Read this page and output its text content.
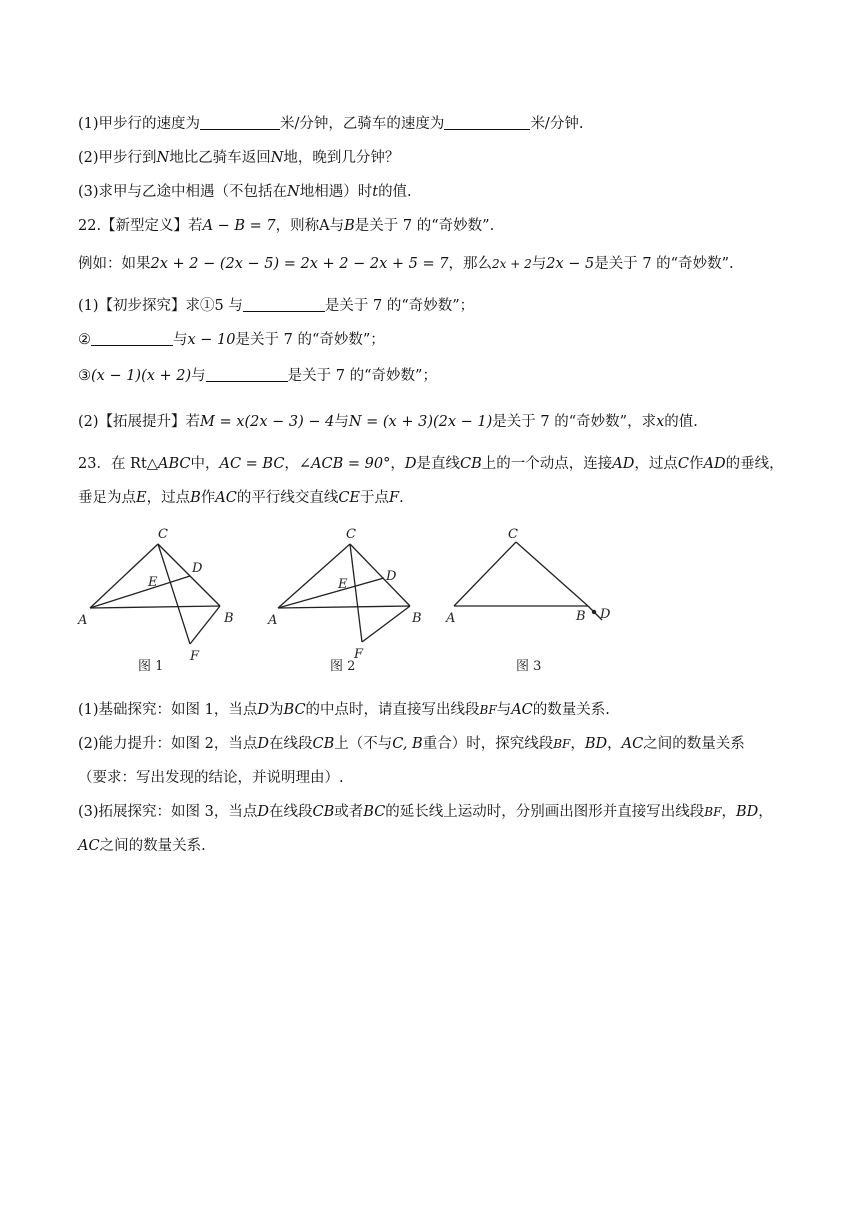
(1)甲步行的速度为	米/分钟，乙骑车的速度为	米/分钟.
(2)甲步行到N地比乙骑车返回N地，晚到几分钟？
(3)求甲与乙途中相遇（不包括在N地相遇）时t的值.
22.【新型定义】若A − B = 7，则称A与B是关于 7 的“奇妙数”.
例如：如果2x + 2 − (2x − 5) = 2x + 2 − 2x + 5 = 7，那么2x + 2与2x − 5是关于 7 的“奇妙数”.
(1)【初步探究】求①5 与	是关于 7 的“奇妙数”；
②	与x − 10是关于 7 的“奇妙数”；
③(x − 1)(x + 2)与	是关于 7 的“奇妙数”；
(2)【拓展提升】若M = x(2x − 3) − 4与N = (x + 3)(2x − 1)是关于 7 的“奇妙数”，求x的值.
23．在 Rt△ABC中，AC = BC，∠ACB = 90°，D是直线CB上的一个动点，连接AD，过点C作AD的垂线，
垂足为点E，过点B作AC的平行线交直线CE于点F.
C
D
E
A	B
F
C
D
E
A	B
F
C
A	B D
图 1	图 2	图 3
(1)基础探究：如图 1，当点D为BC的中点时，请直接写出线段BF与AC的数量关系.
(2)能力提升：如图 2，当点D在线段CB上（不与C, B重合）时，探究线段BF，BD，AC之间的数量关系
（要求：写出发现的结论，并说明理由）.
(3)拓展探究：如图 3，当点D在线段CB或者BC的延长线上运动时，分别画出图形并直接写出线段BF，BD，
AC之间的数量关系.
